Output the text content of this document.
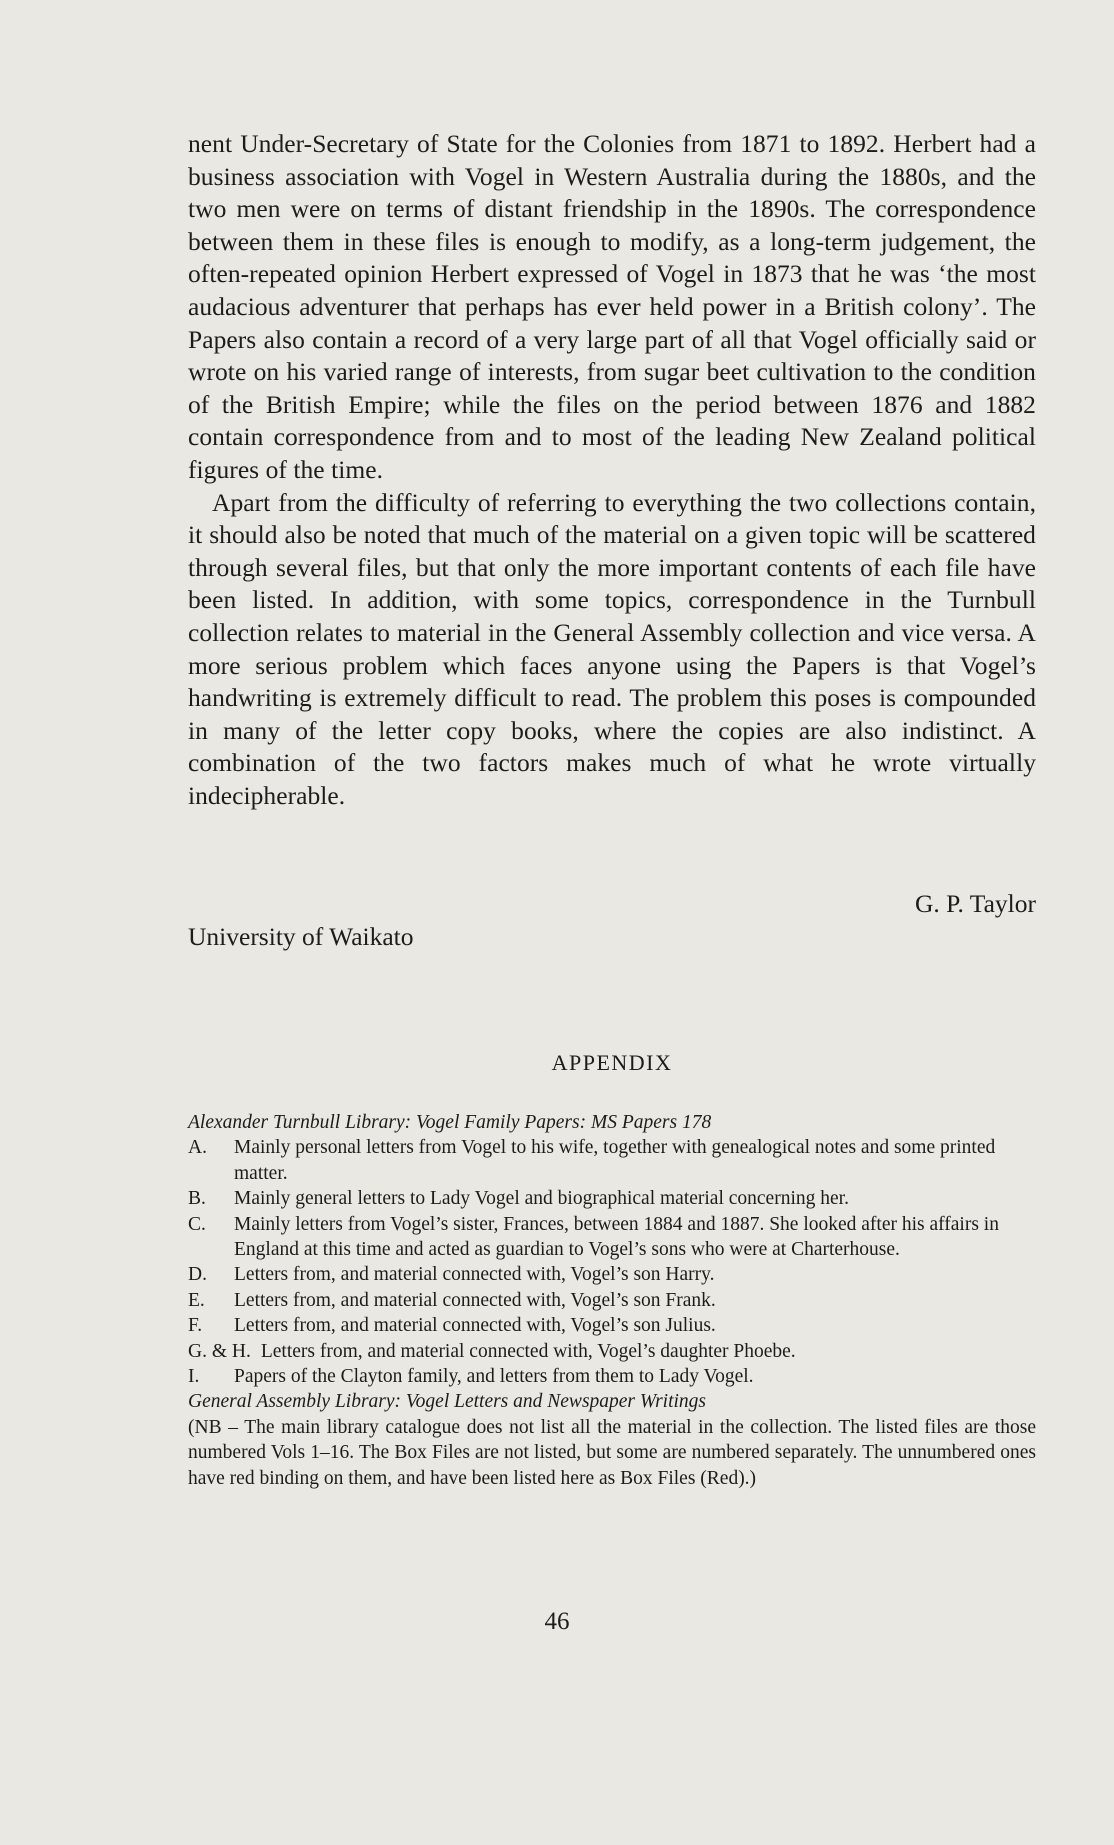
nent Under-Secretary of State for the Colonies from 1871 to 1892. Herbert had a business association with Vogel in Western Australia during the 1880s, and the two men were on terms of distant friendship in the 1890s. The correspondence between them in these files is enough to modify, as a long-term judgement, the often-repeated opinion Herbert expressed of Vogel in 1873 that he was ‘the most audacious adventurer that perhaps has ever held power in a British colony’. The Papers also contain a record of a very large part of all that Vogel officially said or wrote on his varied range of interests, from sugar beet cultivation to the condition of the British Empire; while the files on the period between 1876 and 1882 contain correspondence from and to most of the leading New Zealand political figures of the time.

Apart from the difficulty of referring to everything the two collections contain, it should also be noted that much of the material on a given topic will be scattered through several files, but that only the more important contents of each file have been listed. In addition, with some topics, correspondence in the Turnbull collection relates to material in the General Assembly collection and vice versa. A more serious problem which faces anyone using the Papers is that Vogel’s handwriting is extremely difficult to read. The problem this poses is compounded in many of the letter copy books, where the copies are also indistinct. A combination of the two factors makes much of what he wrote virtually indecipherable.

G. P. Taylor
University of Waikato
APPENDIX
Alexander Turnbull Library: Vogel Family Papers: MS Papers 178
A.	Mainly personal letters from Vogel to his wife, together with genealogical notes and some printed matter.
B.	Mainly general letters to Lady Vogel and biographical material concerning her.
C.	Mainly letters from Vogel’s sister, Frances, between 1884 and 1887. She looked after his affairs in England at this time and acted as guardian to Vogel’s sons who were at Charterhouse.
D.	Letters from, and material connected with, Vogel’s son Harry.
E.	Letters from, and material connected with, Vogel’s son Frank.
F.	Letters from, and material connected with, Vogel’s son Julius.
G. & H. Letters from, and material connected with, Vogel’s daughter Phoebe.
I.	Papers of the Clayton family, and letters from them to Lady Vogel.
General Assembly Library: Vogel Letters and Newspaper Writings
(NB – The main library catalogue does not list all the material in the collection. The listed files are those numbered Vols 1–16. The Box Files are not listed, but some are numbered separately. The unnumbered ones have red binding on them, and have been listed here as Box Files (Red).)
46
